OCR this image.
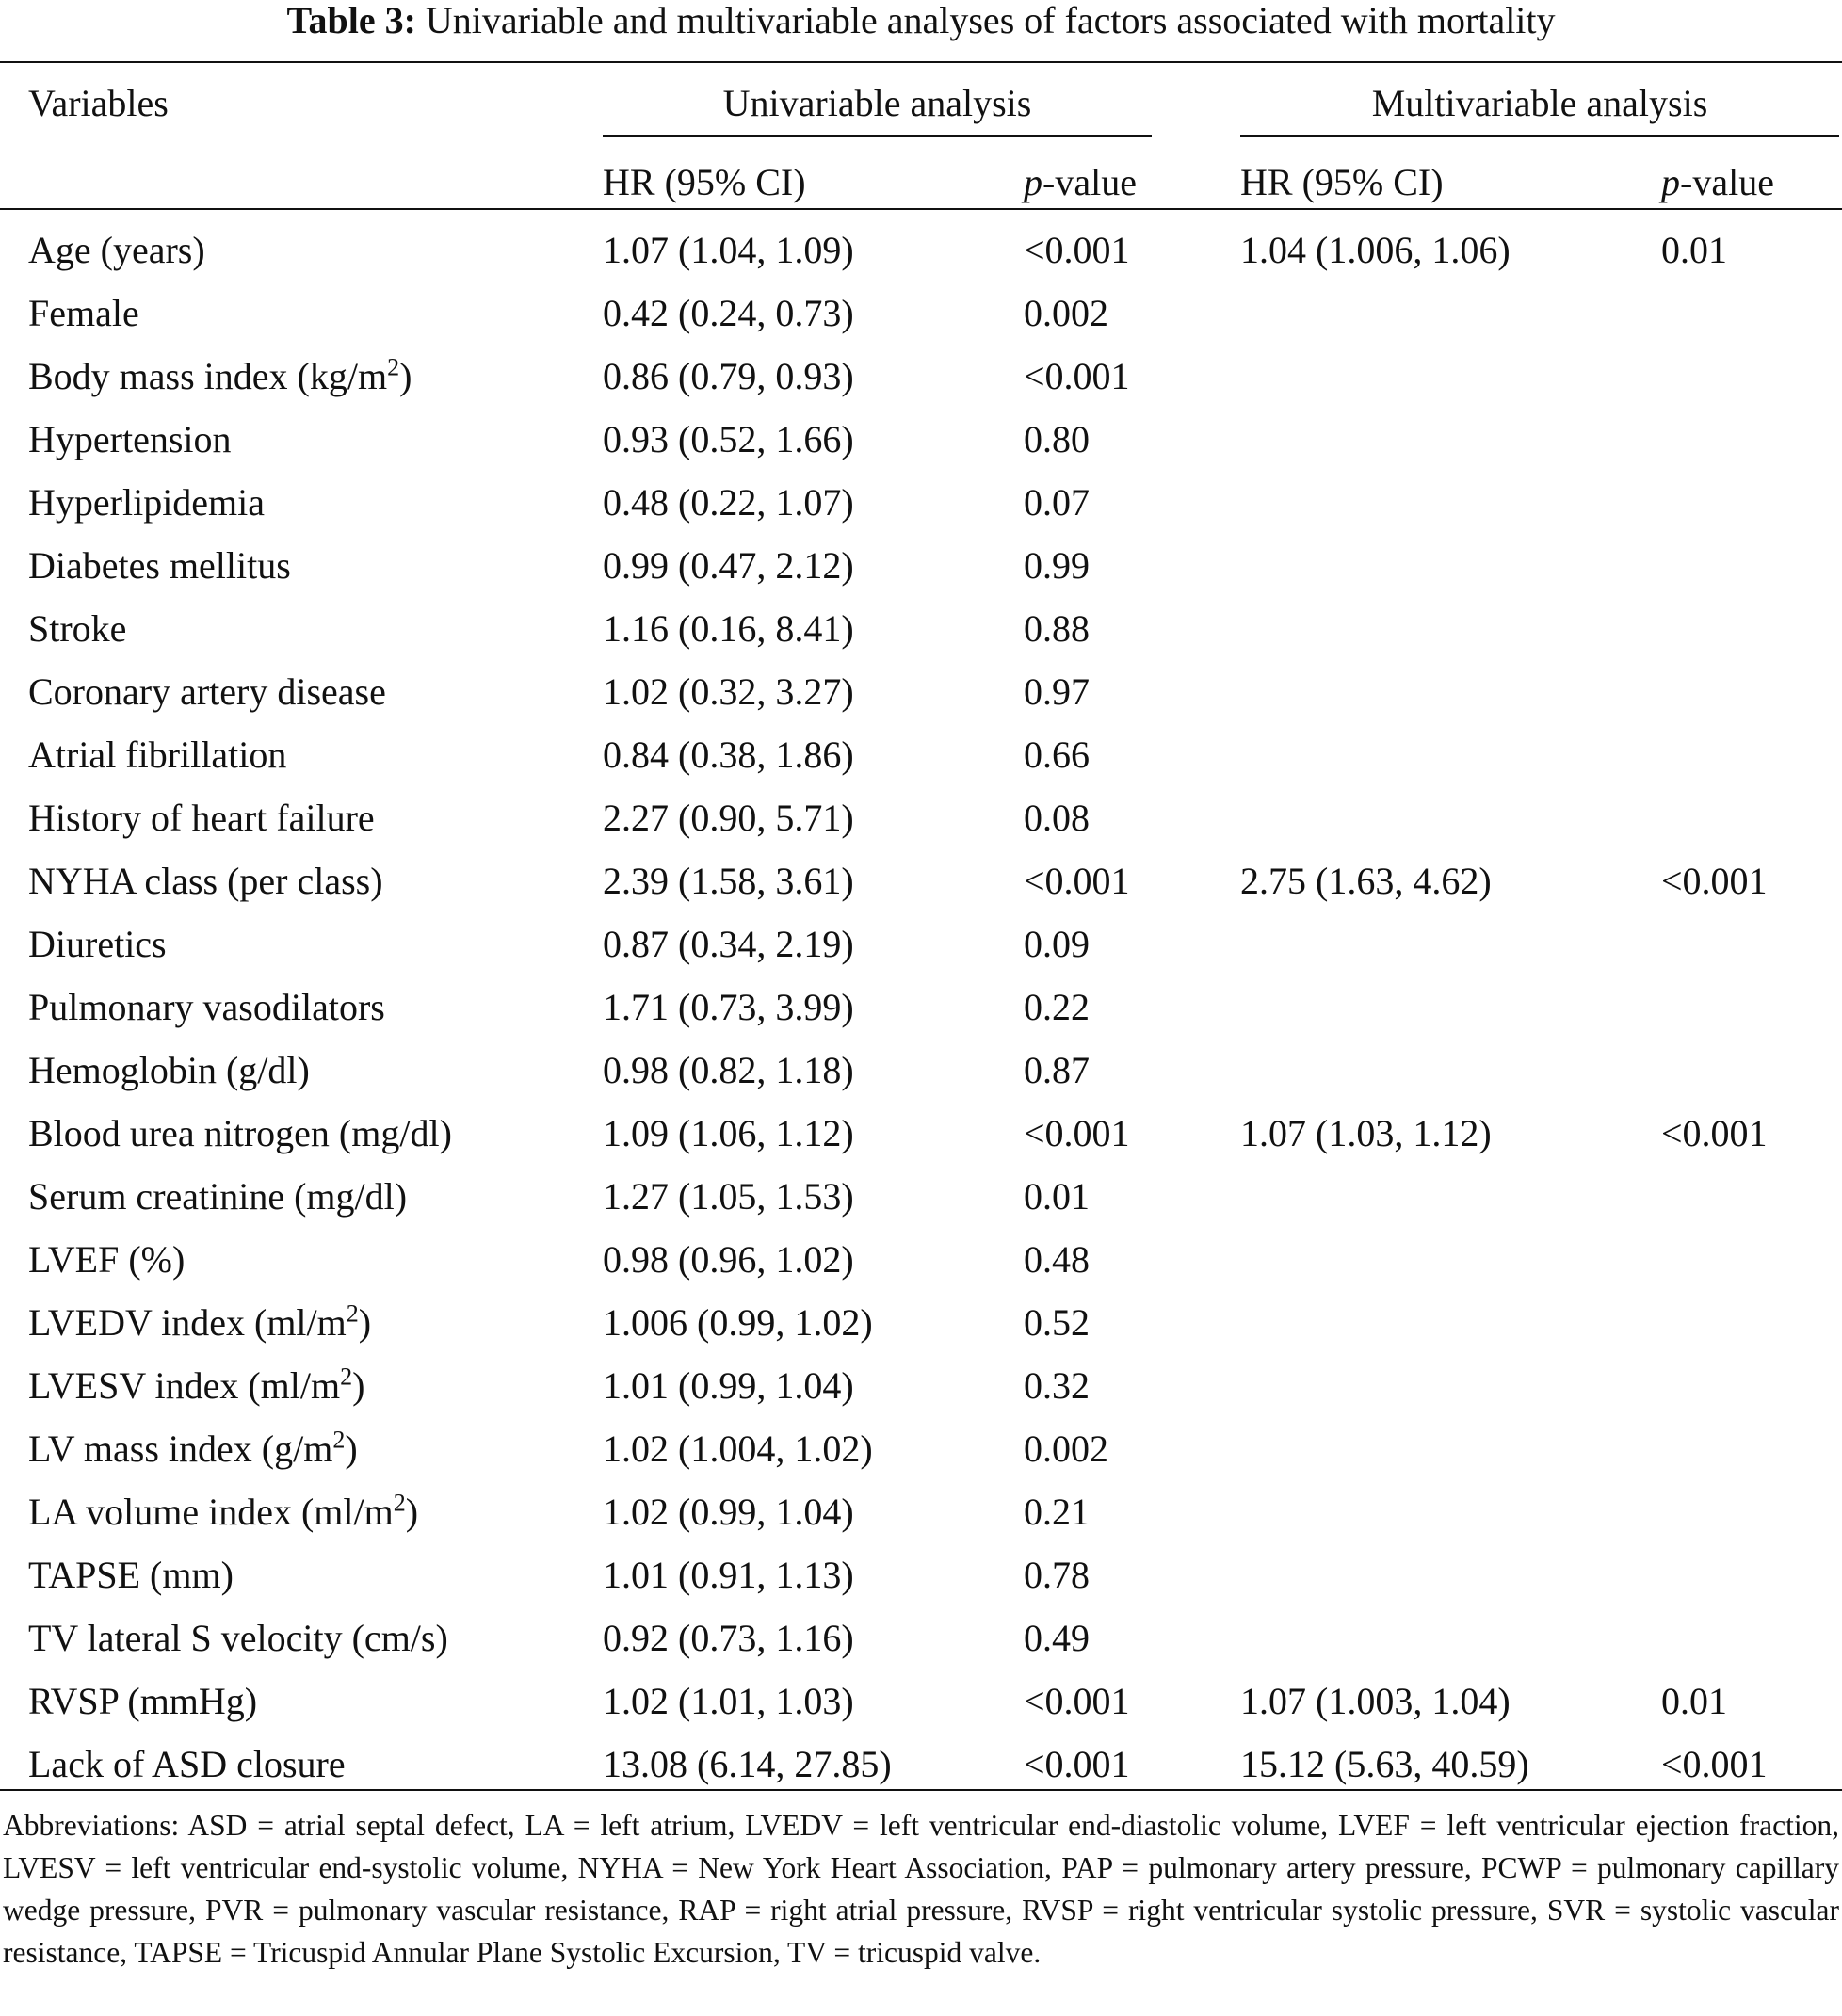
Table 3: Univariable and multivariable analyses of factors associated with mortality
Variables	Univariable analysis	Multivariable analysis
HR (95% CI)	p-value	HR (95% CI)	p-value
Age (years)	1.07 (1.04, 1.09)	<0.001	1.04 (1.006, 1.06)	0.01
Female	0.42 (0.24, 0.73)	0.002		
Body mass index $(kg/m^2)$	0.86 (0.79, 0.93)	<0.001		
Hypertension	0.93 (0.52, 1.66)	0.80		
Hyperlipidemia	0.48 (0.22, 1.07)	0.07		
Diabetes mellitus	0.99 (0.47, 2.12)	0.99		
Stroke	1.16 (0.16, 8.41)	0.88		
Coronary artery disease	1.02 (0.32, 3.27)	0.97		
Atrial fibrillation	0.84 (0.38, 1.86)	0.66		
History of heart failure	2.27 (0.90, 5.71)	0.08		
NYHA class (per class)	2.39 (1.58, 3.61)	<0.001	2.75 (1.63, 4.62)	<0.001
Diuretics	0.87 (0.34, 2.19)	0.09		
Pulmonary vasodilators	1.71 (0.73, 3.99)	0.22		
Hemoglobin (g/dl)	0.98 (0.82, 1.18)	0.87		
Blood urea nitrogen (mg/dl)	1.09 (1.06, 1.12)	<0.001	1.07 (1.03, 1.12)	<0.001
Serum creatinine (mg/dl)	1.27 (1.05, 1.53)	0.01		
LVEF (%)	0.98 (0.96, 1.02)	0.48		
LVEDV index $(ml/m^2)$	1.006 (0.99, 1.02)	0.52		
LVESV index $(ml/m^2)$	1.01 (0.99, 1.04)	0.32		
LV mass index $(g/m^2)$	1.02 (1.004, 1.02)	0.002		
LA volume index $(ml/m^2)$	1.02 (0.99, 1.04)	0.21		
TAPSE (mm)	1.01 (0.91, 1.13)	0.78		
TV lateral S velocity (cm/s)	0.92 (0.73, 1.16)	0.49		
RVSP (mmHg)	1.02 (1.01, 1.03)	<0.001	1.07 (1.003, 1.04)	0.01
Lack of ASD closure	13.08 (6.14, 27.85)	<0.001	15.12 (5.63, 40.59)	<0.001
Abbreviations: ASD = atrial septal defect, LA = left atrium, LVEDV = left ventricular end-diastolic volume, LVEF = left ventricular ejection fraction, LVESV = left ventricular end-systolic volume, NYHA = New York Heart Association, PAP = pulmonary artery pressure, PCWP = pulmonary capillary wedge pressure, PVR = pulmonary vascular resistance, RAP = right atrial pressure, RVSP = right ventricular systolic pressure, SVR = systolic vascular resistance, TAPSE = Tricuspid Annular Plane Systolic Excursion, TV = tricuspid valve.
